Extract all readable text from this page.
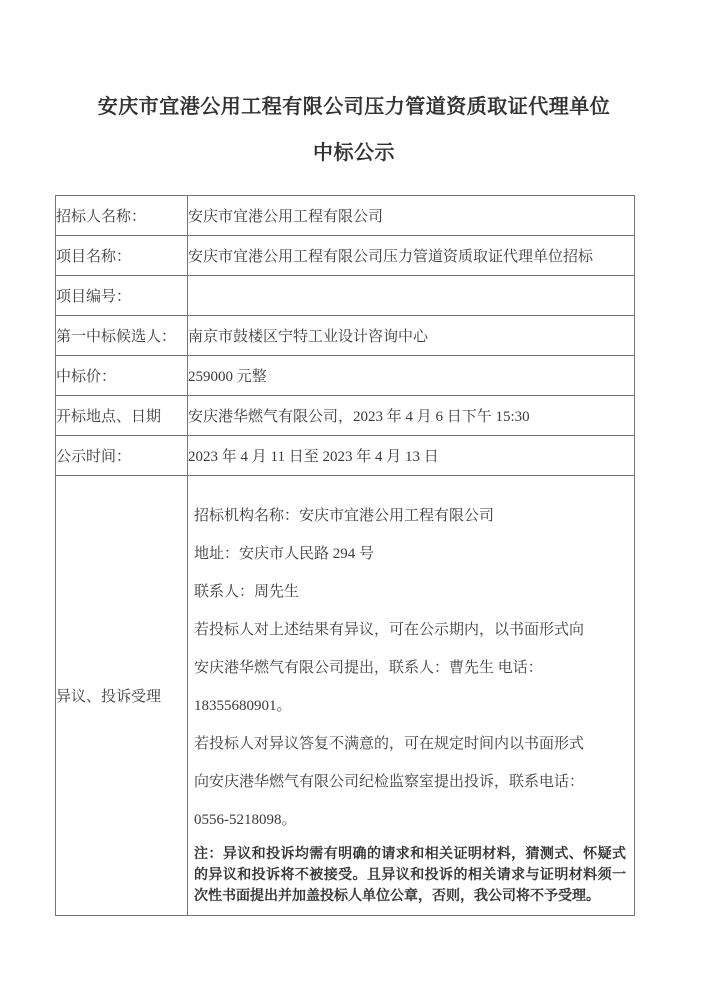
安庆市宜港公用工程有限公司压力管道资质取证代理单位
中标公示
招标人名称：	安庆市宜港公用工程有限公司
项目名称：	安庆市宜港公用工程有限公司压力管道资质取证代理单位招标
项目编号：	
第一中标候选人：	南京市鼓楼区宁特工业设计咨询中心
中标价：	259000 元整
开标地点、日期	安庆港华燃气有限公司，2023 年 4 月 6 日下午 15:30
公示时间：	2023 年 4 月 11 日至 2023 年 4 月 13 日
异议、投诉受理	

招标机构名称：安庆市宜港公用工程有限公司

地址：安庆市人民路 294 号

联系人：周先生

若投标人对上述结果有异议，可在公示期内，以书面形式向

安庆港华燃气有限公司提出，联系人：曹先生 电话：

18355680901。

若投标人对异议答复不满意的，可在规定时间内以书面形式

向安庆港华燃气有限公司纪检监察室提出投诉，联系电话：

0556-5218098。

注：异议和投诉均需有明确的请求和相关证明材料，猜测式、怀疑式的异议和投诉将不被接受。且异议和投诉的相关请求与证明材料须一次性书面提出并加盖投标人单位公章，否则，我公司将不予受理。
